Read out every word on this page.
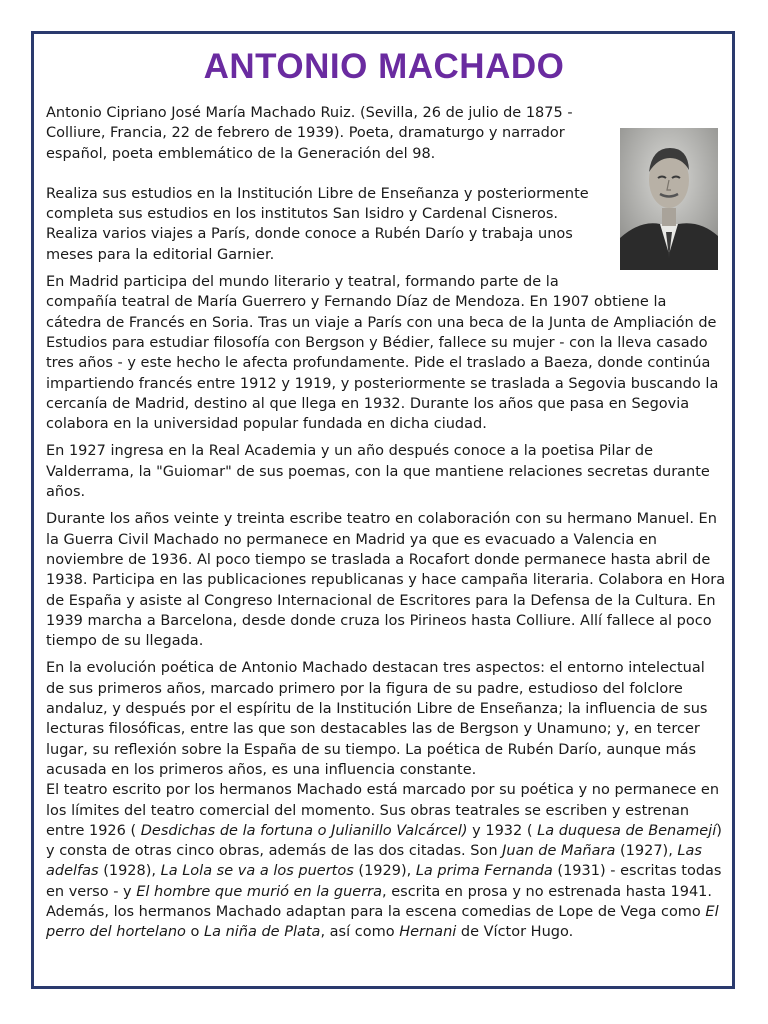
ANTONIO MACHADO

Antonio Cipriano José María Machado Ruiz. (Sevilla, 26 de julio de 1875 - Colliure, Francia, 22 de febrero de 1939). Poeta, dramaturgo y narrador español, poeta emblemático de la Generación del 98.

Realiza sus estudios en la Institución Libre de Enseñanza y posteriormente completa sus estudios en los institutos San Isidro y Cardenal Cisneros. Realiza varios viajes a París, donde conoce a Rubén Darío y trabaja unos meses para la editorial Garnier.

En Madrid participa del mundo literario y teatral, formando parte de la compañía teatral de María Guerrero y Fernando Díaz de Mendoza. En 1907 obtiene la cátedra de Francés en Soria. Tras un viaje a París con una beca de la Junta de Ampliación de Estudios para estudiar filosofía con Bergson y Bédier, fallece su mujer - con la lleva casado tres años - y este hecho le afecta profundamente. Pide el traslado a Baeza, donde continúa impartiendo francés entre 1912 y 1919, y posteriormente se traslada a Segovia buscando la cercanía de Madrid, destino al que llega en 1932. Durante los años que pasa en Segovia colabora en la universidad popular fundada en dicha ciudad.

En 1927 ingresa en la Real Academia y un año después conoce a la poetisa Pilar de Valderrama, la "Guiomar" de sus poemas, con la que mantiene relaciones secretas durante años.

Durante los años veinte y treinta escribe teatro en colaboración con su hermano Manuel. En la Guerra Civil Machado no permanece en Madrid ya que es evacuado a Valencia en noviembre de 1936. Al poco tiempo se traslada a Rocafort donde permanece hasta abril de 1938. Participa en las publicaciones republicanas y hace campaña literaria. Colabora en Hora de España y asiste al Congreso Internacional de Escritores para la Defensa de la Cultura. En 1939 marcha a Barcelona, desde donde cruza los Pirineos hasta Colliure. Allí fallece al poco tiempo de su llegada.

En la evolución poética de Antonio Machado destacan tres aspectos: el entorno intelectual de sus primeros años, marcado primero por la figura de su padre, estudioso del folclore andaluz, y después por el espíritu de la Institución Libre de Enseñanza; la influencia de sus lecturas filosóficas, entre las que son destacables las de Bergson y Unamuno; y, en tercer lugar, su reflexión sobre la España de su tiempo. La poética de Rubén Darío, aunque más acusada en los primeros años, es una influencia constante.

El teatro escrito por los hermanos Machado está marcado por su poética y no permanece en los límites del teatro comercial del momento. Sus obras teatrales se escriben y estrenan entre 1926 ( Desdichas de la fortuna o Julianillo Valcárcel) y 1932 ( La duquesa de Benamejí) y consta de otras cinco obras, además de las dos citadas. Son Juan de Mañara (1927), Las adelfas (1928), La Lola se va a los puertos (1929), La prima Fernanda (1931) - escritas todas en verso - y El hombre que murió en la guerra, escrita en prosa y no estrenada hasta 1941. Además, los hermanos Machado adaptan para la escena comedias de Lope de Vega como El perro del hortelano o La niña de Plata, así como Hernani de Víctor Hugo.
